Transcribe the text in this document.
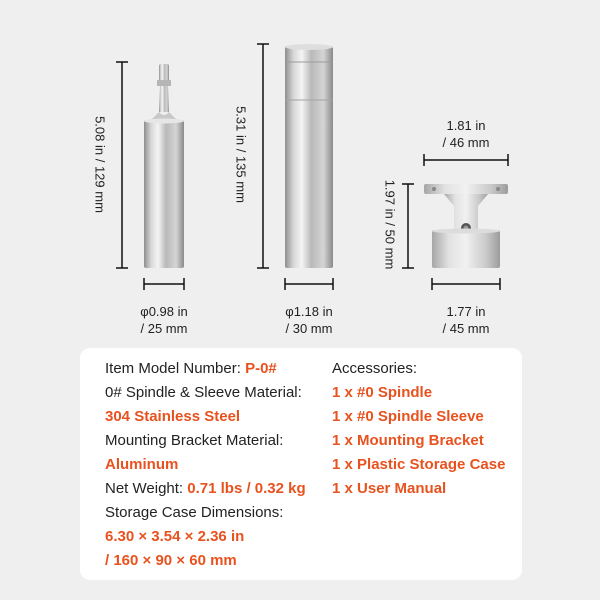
5.08 in / 129 mm	5.31 in / 135 mm
1.97 in / 50 mm
φ0.98 in
/ 25 mm
φ1.18 in
/ 30 mm
1.81 in
/ 46 mm
1.77 in
/ 45 mm
Item Model Number: P-0#
0# Spindle & Sleeve Material:
304 Stainless Steel
Mounting Bracket Material:
Aluminum
Net Weight: 0.71 lbs / 0.32 kg
Storage Case Dimensions:
6.30 × 3.54 × 2.36 in
/ 160 × 90 × 60 mm
Accessories:
1 x #0 Spindle
1 x #0 Spindle Sleeve
1 x Mounting Bracket
1 x Plastic Storage Case
1 x User Manual
